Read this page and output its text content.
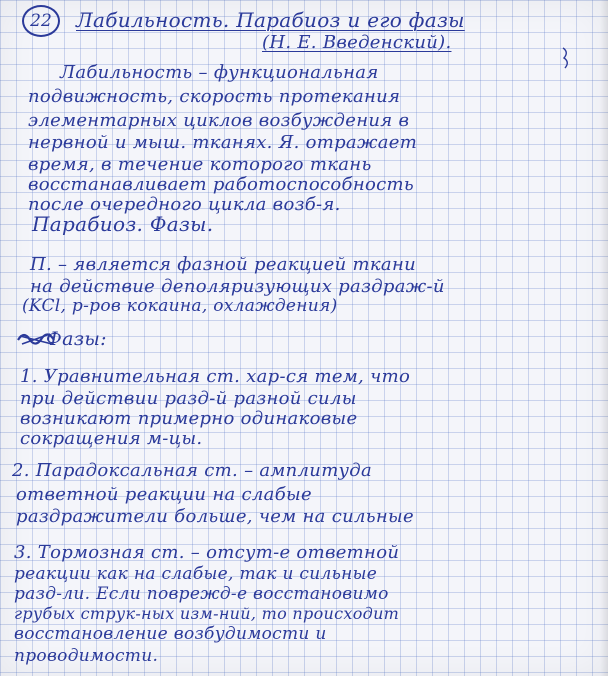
22 Лабильность. Парабиоз и его фазы
(Н. Е. Введенский).
Лабильность – функциональная
подвижность, скорость протекания
элементарных циклов возбуждения в
нервной и мыш. тканях. Я. отражает
время, в течение которого ткань
восстанавливает работоспособность
после очередного цикла возб-я.
Парабиоз. Фазы.
П. – является фазной реакцией ткани
на действие деполяризующих раздраж-й
(KCl, р-ров кокаина, охлаждения)
Фазы:
1. Уравнительная ст. хар-ся тем, что
при действии разд-й разной силы
возникают примерно одинаковые
сокращения м-цы.
2. Парадоксальная ст. – амплитуда
ответной реакции на слабые
раздражители больше, чем на сильные
3. Тормозная ст. – отсут-е ответной
реакции как на слабые, так и сильные
разд-ли. Если поврежд-е восстановимо
грубых струк-ных изм-ний, то происходит
восстановление возбудимости и
проводимости.
